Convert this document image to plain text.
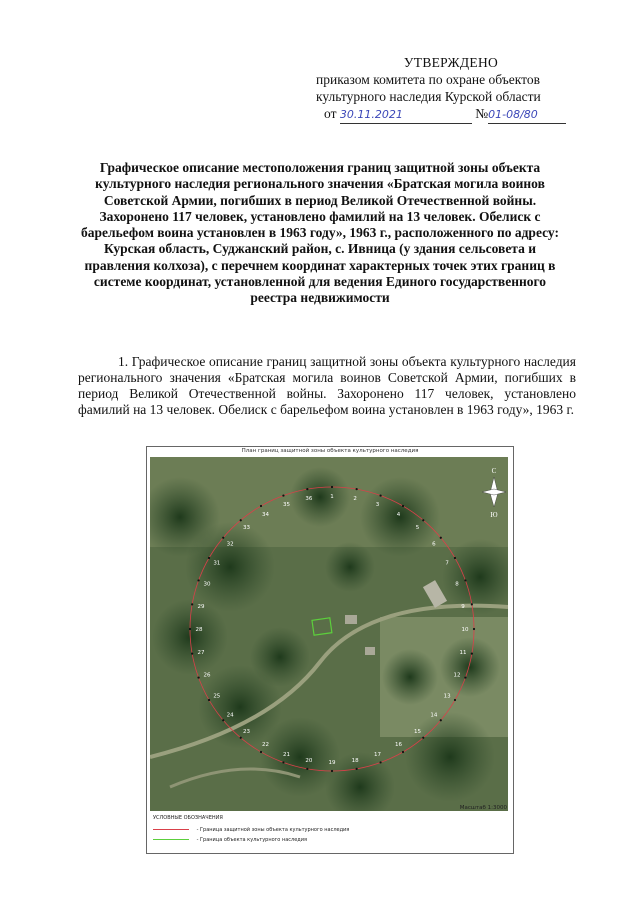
УТВЕРЖДЕНО
приказом комитета по охране объектов
культурного наследия Курской области
от 30.11.2021	№01-08/80
Графическое описание местоположения границ защитной зоны объекта культурного наследия регионального значения «Братская могила воинов Советской Армии, погибших в период Великой Отечественной войны. Захоронено 117 человек, установлено фамилий на 13 человек. Обелиск с барельефом воина установлен в 1963 году», 1963 г., расположенного по адресу: Курская область, Суджанский район, с. Ивница (у здания сельсовета и правления колхоза), с перечнем координат характерных точек этих границ в системе координат, установленной для ведения Единого государственного реестра недвижимости
1. Графическое описание границ защитной зоны объекта культурного наследия регионального значения «Братская могила воинов Советской Армии, погибших в период Великой Отечественной войны. Захоронено 117 человек, установлено фамилий на 13 человек. Обелиск с барельефом воина установлен в 1963 году», 1963 г.
План границ защитной зоны объекта культурного наследия
1	2
3
4
5
6
7
8
9
10
11
12
13
14
15
16
17
18
19
20
21
22
23
24
25
26
27
28
29
30
31
32
33
34
35
36
С
Ю
Масштаб 1:3000
УСЛОВНЫЕ ОБОЗНАЧЕНИЯ
- Граница защитной зоны объекта культурного наследия
- Граница объекта культурного наследия
